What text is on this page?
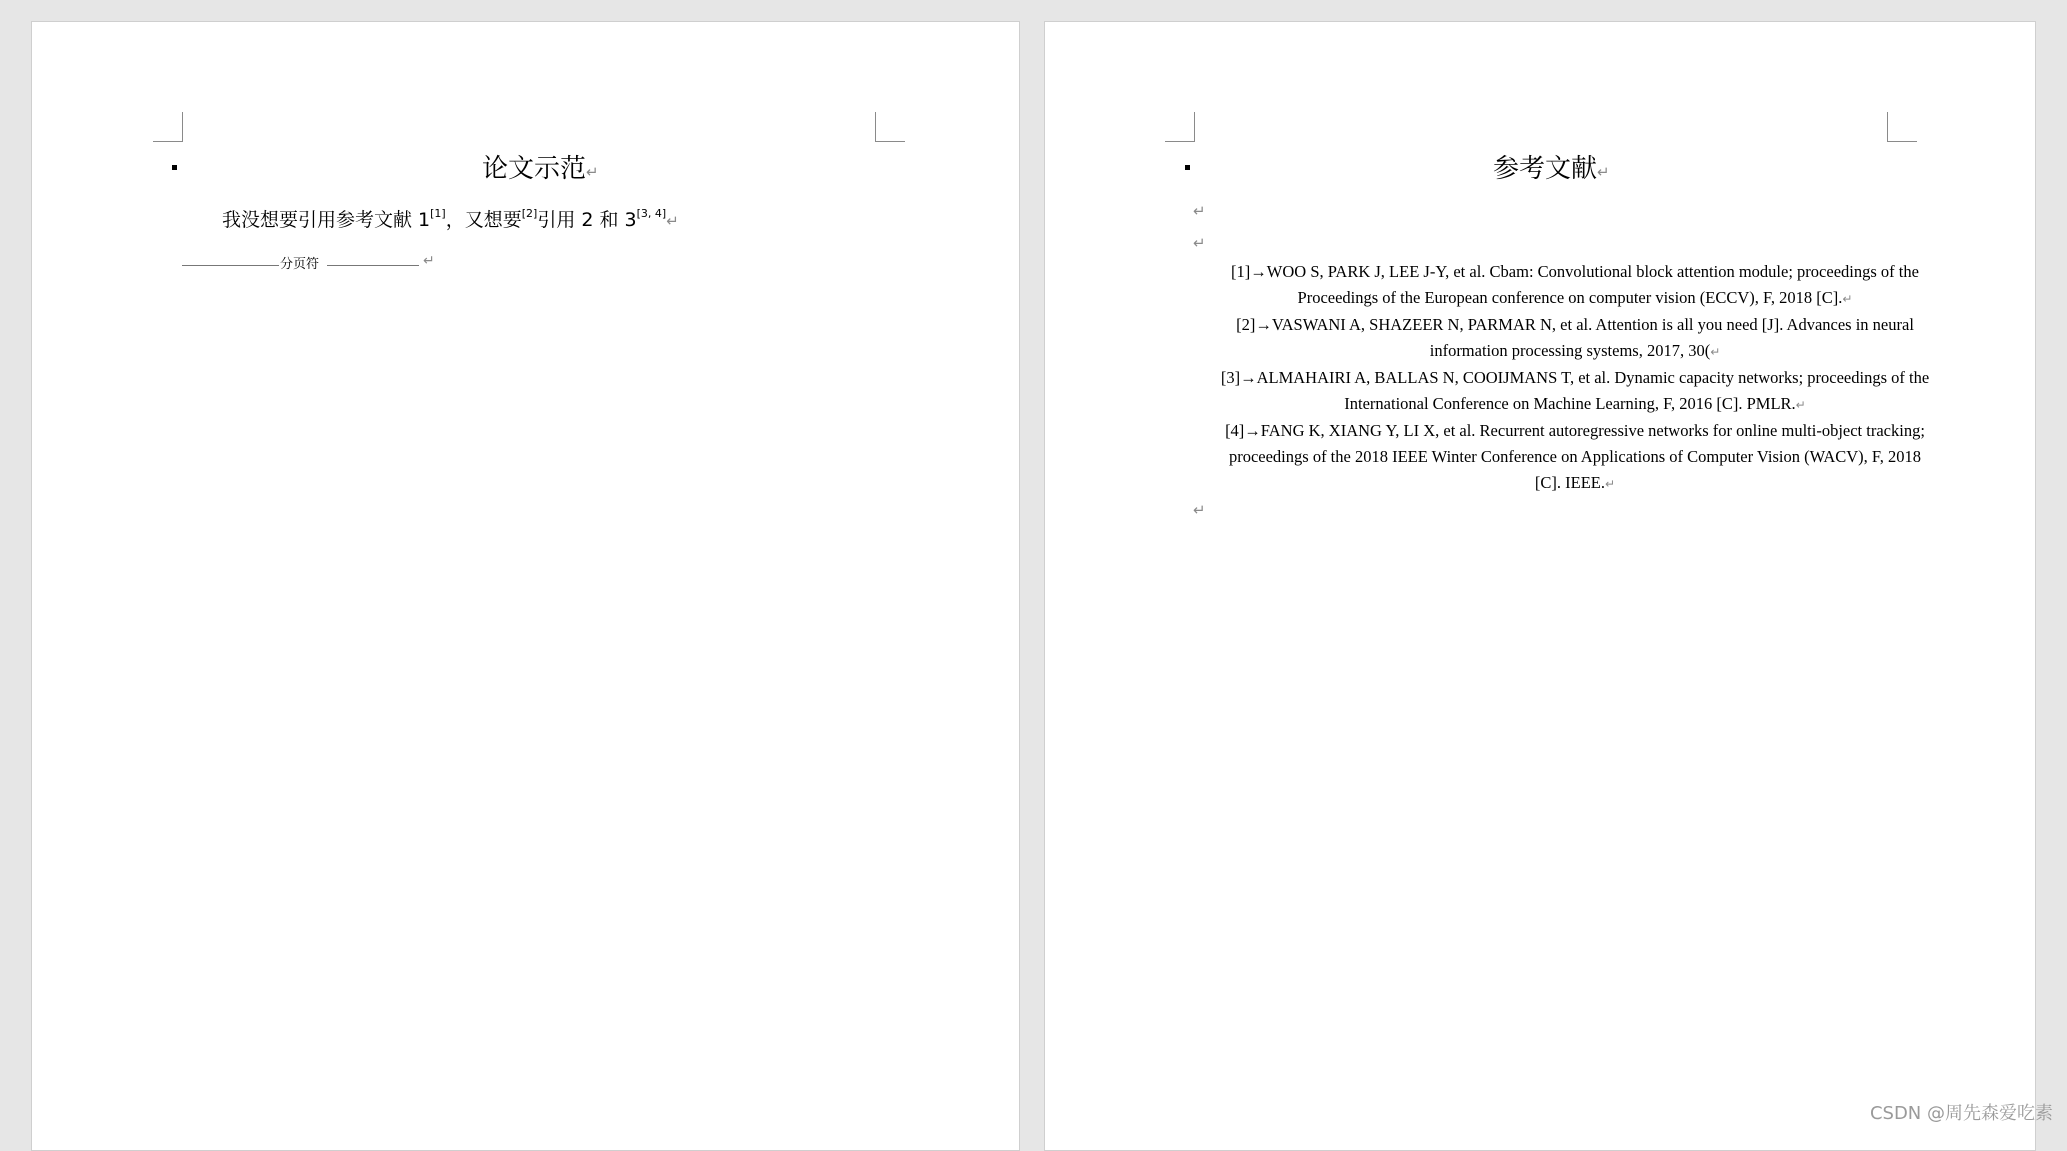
论文示范↵
我没想要引用参考文献 1[1]，又想要[2]引用 2 和 3[3, 4]↵
分页符	↵
参考文献↵
↵
↵
[1]→WOO S, PARK J, LEE J-Y, et al. Cbam: Convolutional block attention module; proceedings of the Proceedings of the European conference on computer vision (ECCV), F, 2018 [C].↵
[2]→VASWANI A, SHAZEER N, PARMAR N, et al. Attention is all you need [J]. Advances in neural information processing systems, 2017, 30(↵
[3]→ALMAHAIRI A, BALLAS N, COOIJMANS T, et al. Dynamic capacity networks; proceedings of the International Conference on Machine Learning, F, 2016 [C]. PMLR.↵
[4]→FANG K, XIANG Y, LI X, et al. Recurrent autoregressive networks for online multi-object tracking; proceedings of the 2018 IEEE Winter Conference on Applications of Computer Vision (WACV), F, 2018 [C]. IEEE.↵
↵
CSDN @周先森爱吃素
